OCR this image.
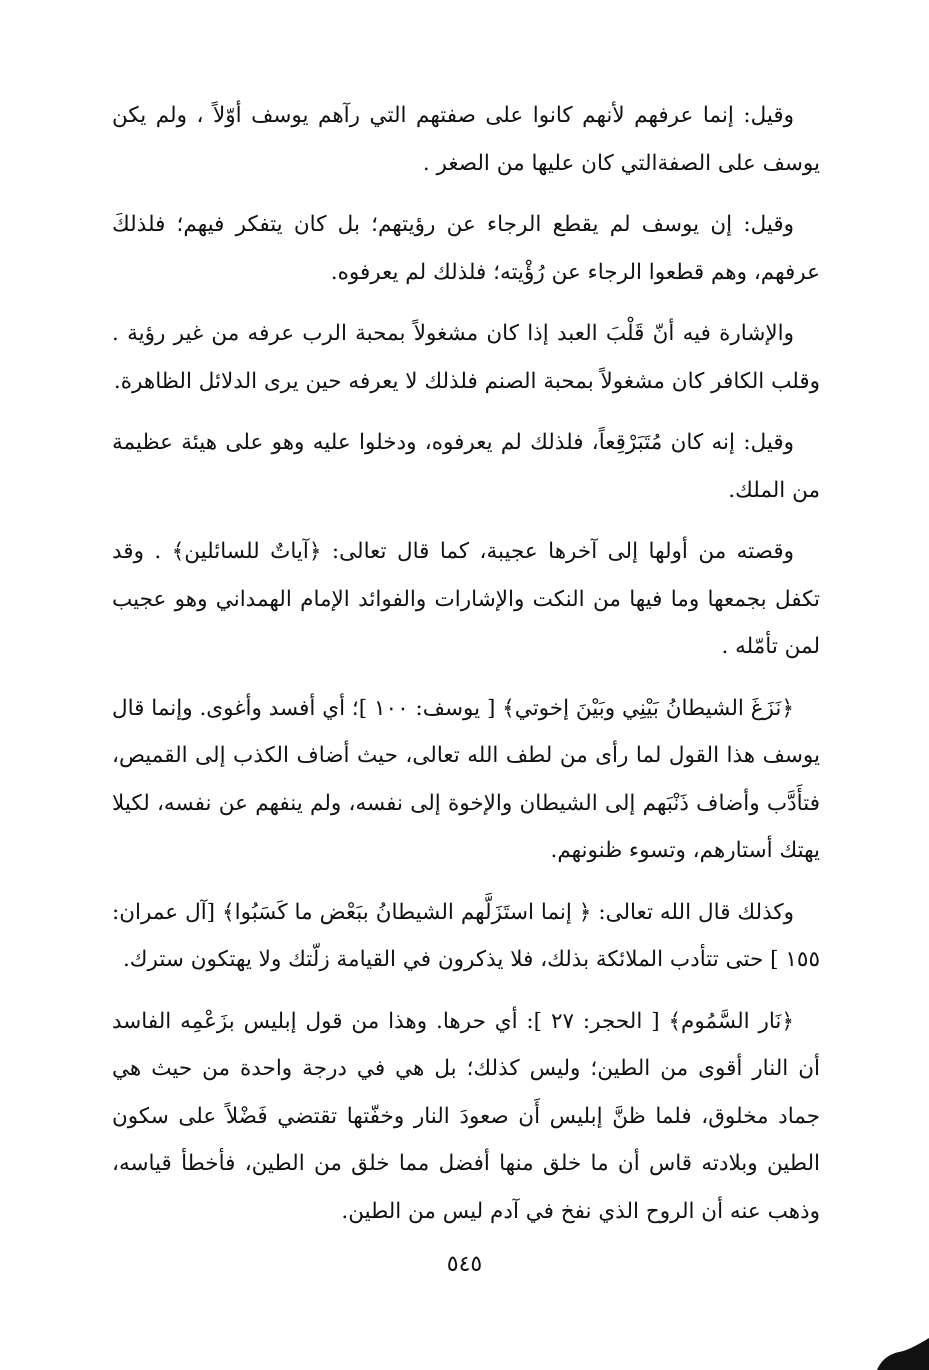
وقيل: إنما عرفهم لأنهم كانوا على صفتهم التي رآهم يوسف أوّلاً ، ولم يكن يوسف على الصفةالتي كان عليها من الصغر .

وقيل: إن يوسف لم يقطع الرجاء عن رؤيتهم؛ بل كان يتفكر فيهم؛ فلذلكَ عرفهم، وهم قطعوا الرجاء عن رُؤْيته؛ فلذلك لم يعرفوه.

والإشارة فيه أنّ قَلْبَ العبد إذا كان مشغولاً بمحبة الرب عرفه من غير رؤية . وقلب الكافر كان مشغولاً بمحبة الصنم فلذلك لا يعرفه حين يرى الدلائل الظاهرة.

وقيل: إنه كان مُتَبَرْقِعاً، فلذلك لم يعرفوه، ودخلوا عليه وهو على هيئة عظيمة من الملك.

وقصته من أولها إلى آخرها عجيبة، كما قال تعالى: ﴿آياتٌ للسائلين﴾ . وقد تكفل بجمعها وما فيها من النكت والإشارات والفوائد الإمام الهمداني وهو عجيب لمن تأمّله .

﴿نَزَغَ الشيطانُ بَيْنِي وبَيْنَ إخوتي﴾ [ يوسف: ١٠٠ ]؛ أي أفسد وأغوى. وإنما قال يوسف هذا القول لما رأى من لطف الله تعالى، حيث أضاف الكذب إلى القميص، فتأَدَّب وأضاف ذَنْبَهم إلى الشيطان والإخوة إلى نفسه، ولم ينفهم عن نفسه، لكيلا يهتك أستارهم، وتسوء ظنونهم.

وكذلك قال الله تعالى: ﴿ إنما استَزَلَّهم الشيطانُ ببَعْض ما كَسَبُوا﴾ [آل عمران: ١٥٥ ] حتى تتأدب الملائكة بذلك، فلا يذكرون في القيامة زلّتك ولا يهتكون سترك.

﴿نَار السَّمُوم﴾ [ الحجر: ٢٧ ]: أي حرها. وهذا من قول إبليس بزَعْمِه الفاسد أن النار أقوى من الطين؛ وليس كذلك؛ بل هي في درجة واحدة من حيث هي جماد مخلوق، فلما ظنَّ إبليس أَن صعودَ النار وخفّتها تقتضي فَضْلاً على سكون الطين وبلادته قاس أن ما خلق منها أفضل مما خلق من الطين، فأخطأ قياسه، وذهب عنه أن الروح الذي نفخ في آدم ليس من الطين.

٥٤٥
